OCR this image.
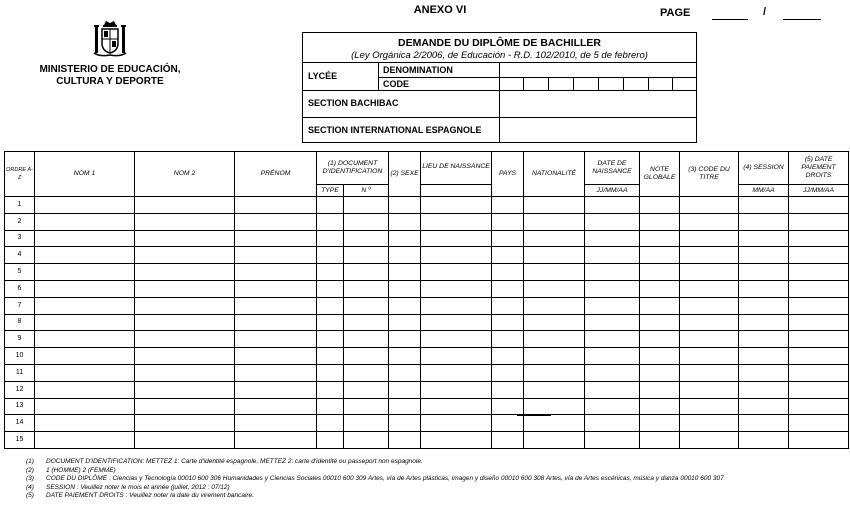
MINISTERIO DE EDUCACIÓN,
CULTURA Y DEPORTE
ANEXO VI	PAGE	/
DEMANDE DU DIPLÔME DE BACHILLER
(Ley Orgánica 2/2006, de Educación - R.D. 102/2010, de 5 de febrero)
LYCÉE
DENOMINATION
CODE
SECTION BACHIBAC
SECTION INTERNATIONAL ESPAGNOLE
ORDRE A-Z	NOM 1	NOM 2	PRÉNOM	(1) DOCUMENT D'IDENTIFICATION		(2) SEXE	LIEU DE NAISSANCE	PAYS	NATIONALITÉ	DATE DE NAISSANCE	NOTE GLOBALE	(3) CODE DU TITRE	(4) SESSION	(5) DATE PAIEMENT DROITS
				TYPE	N º					JJ/MM/AA			MM/AA	JJ/MM/AA
1														
2														
3														
4														
5														
6														
7														
8														
9														
10														
11														
12														
13														
14														
15														
(1)	DOCUMENT D'IDENTIFICATION: METTEZ 1: Carte d'identité espagnole. METTEZ 2: carte d'identité ou passeport non espagnole.
(2)	1 (HOMME) 2 (FEMME)
(3)	CODE DU DIPLÔME : Ciencias y Tecnología 00010 600 306 Humanidades y Ciencias Sociales 00010 600 309 Artes, vía de Artes plásticas, imagen y diseño 00010 600 308 Artes, vía de Artes escénicas, música y danza 00010 600 307
(4)	SESSION : Veuillez noter le mois et année (juillet, 2012 : 07/12)
(5)	DATE PAIEMENT DROITS : Veuillez noter la date du virement bancaire.
